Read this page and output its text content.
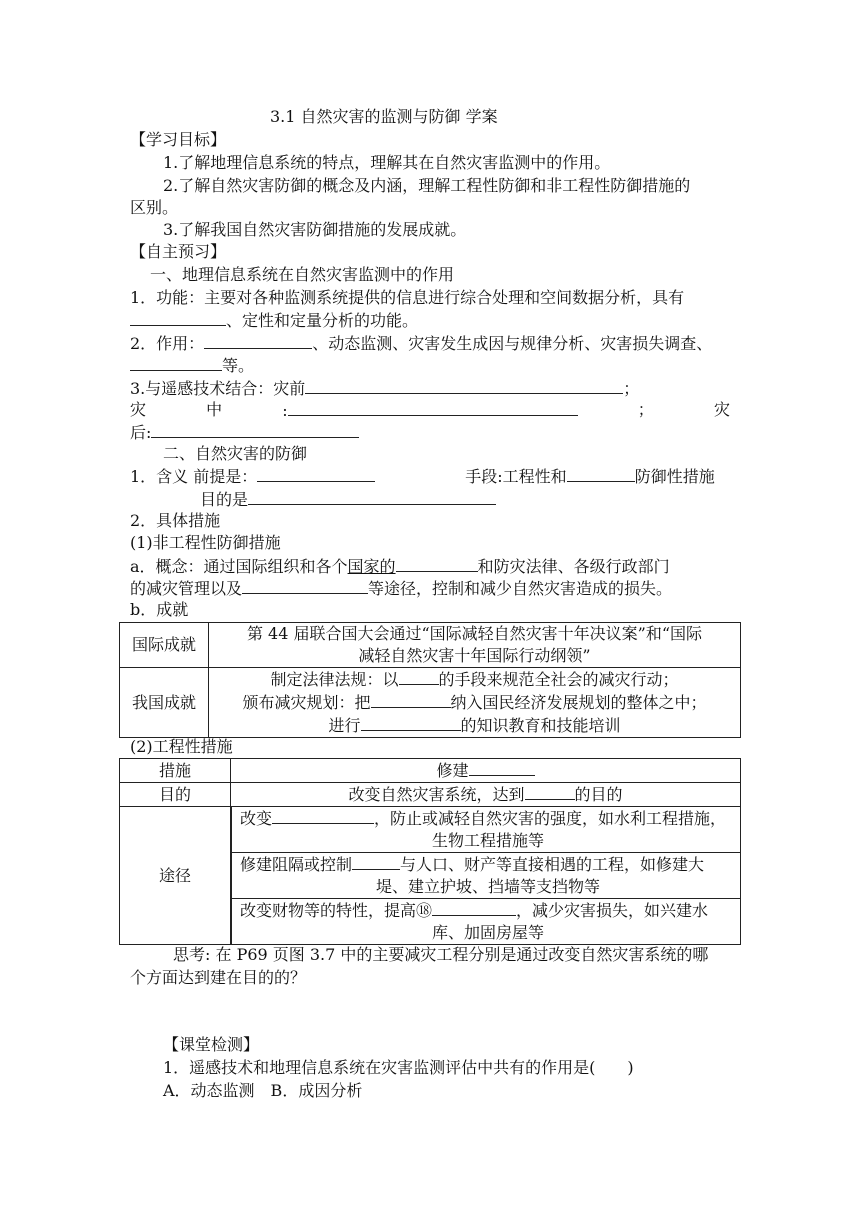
3.1 自然灾害的监测与防御 学案
【学习目标】
1.了解地理信息系统的特点，理解其在自然灾害监测中的作用。
2.了解自然灾害防御的概念及内涵，理解工程性防御和非工程性防御措施的
区别。
3.了解我国自然灾害防御措施的发展成就。
【自主预习】
一、地理信息系统在自然灾害监测中的作用
1．功能：主要对各种监测系统提供的信息进行综合处理和空间数据分析，具有
、定性和定量分析的功能。
2．作用：	、动态监测、灾害发生成因与规律分析、灾害损失调查、
等。
3.与遥感技术结合：灾前	；
灾	中	:	；	灾
后:
二、自然灾害的防御
1．含义 前提是：	手段:工程性和	防御性措施
目的是
2．具体措施
(1)非工程性防御措施
a．概念：通过国际组织和各个国家的	和防灾法律、各级行政部门
的减灾管理以及	等途径，控制和减少自然灾害造成的损失。
b．成就
国际成就	第 44 届联合国大会通过“国际减轻自然灾害十年决议案”和“国际
减轻自然灾害十年国际行动纲领”

我国成就	制定法律法规：以 的手段来规范全社会的减灾行动；
颁布减灾规划：把 纳入国民经济发展规划的整体之中；
进行 的知识教育和技能培训
(2)工程性措施
措施	修建
目的	改变自然灾害系统，达到 的目的
途径		改变 ，防止或减轻自然灾害的强度，如水利工程措施，
生物工程措施等

	修建阻隔或控制 与人口、财产等直接相遇的工程，如修建大
堤、建立护坡、挡墙等支挡物等

	改变财物等的特性，提高⑱ ，减少灾害损失，如兴建水
库、加固房屋等
思考: 在 P69 页图 3.7 中的主要减灾工程分别是通过改变自然灾害系统的哪
个方面达到建在目的的？
【课堂检测】
1．遥感技术和地理信息系统在灾害监测评估中共有的作用是(　　)
A．动态监测　B．成因分析
